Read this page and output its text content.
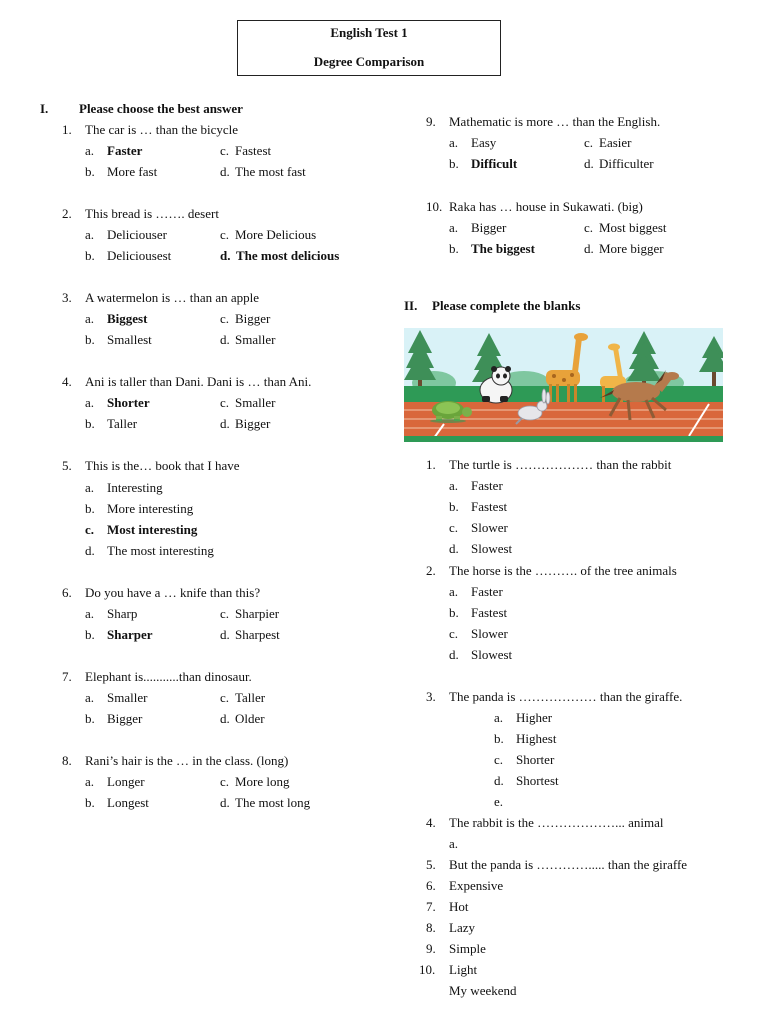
English Test 1
Degree Comparison
I. Please choose the best answer
1. The car is … than the bicycle
a. Faster	c. Fastest
b. More fast	d. The most fast
2. This bread is ……. desert
a. Deliciouser	c. More Delicious
b. Deliciousest	d. The most delicious
3. A watermelon is … than an apple
a. Biggest	c. Bigger
b. Smallest	d. Smaller
4. Ani is taller than Dani. Dani is … than Ani.
a. Shorter	c. Smaller
b. Taller	d. Bigger
5. This is the… book that I have
a. Interesting
b. More interesting
c. Most interesting
d. The most interesting
6. Do you have a … knife than this?
a. Sharp	c. Sharpier
b. Sharper	d. Sharpest
7. Elephant is...........than dinosaur.
a. Smaller	c. Taller
b. Bigger	d. Older
8. Rani’s hair is the … in the class. (long)
a. Longer	c. More long
b. Longest	d. The most long
9. Mathematic is more … than the English.
a. Easy	c. Easier
b. Difficult	d. Difficulter
10. Raka has … house in Sukawati. (big)
a. Bigger	c. Most biggest
b. The biggest	d. More bigger
II. Please complete the blanks
1. The turtle is ……………… than the rabbit
a. Faster
b. Fastest
c. Slower
d. Slowest
2. The horse is the ………. of the tree animals
a. Faster
b. Fastest
c. Slower
d. Slowest
3. The panda is ……………… than the giraffe.
a. Higher
b. Highest
c. Shorter
d. Shortest
e.
4. The rabbit is the ………………... animal
a.
5. But the panda is …………..... than the giraffe
6. Expensive
7. Hot
8. Lazy
9. Simple
10. Light
My weekend
